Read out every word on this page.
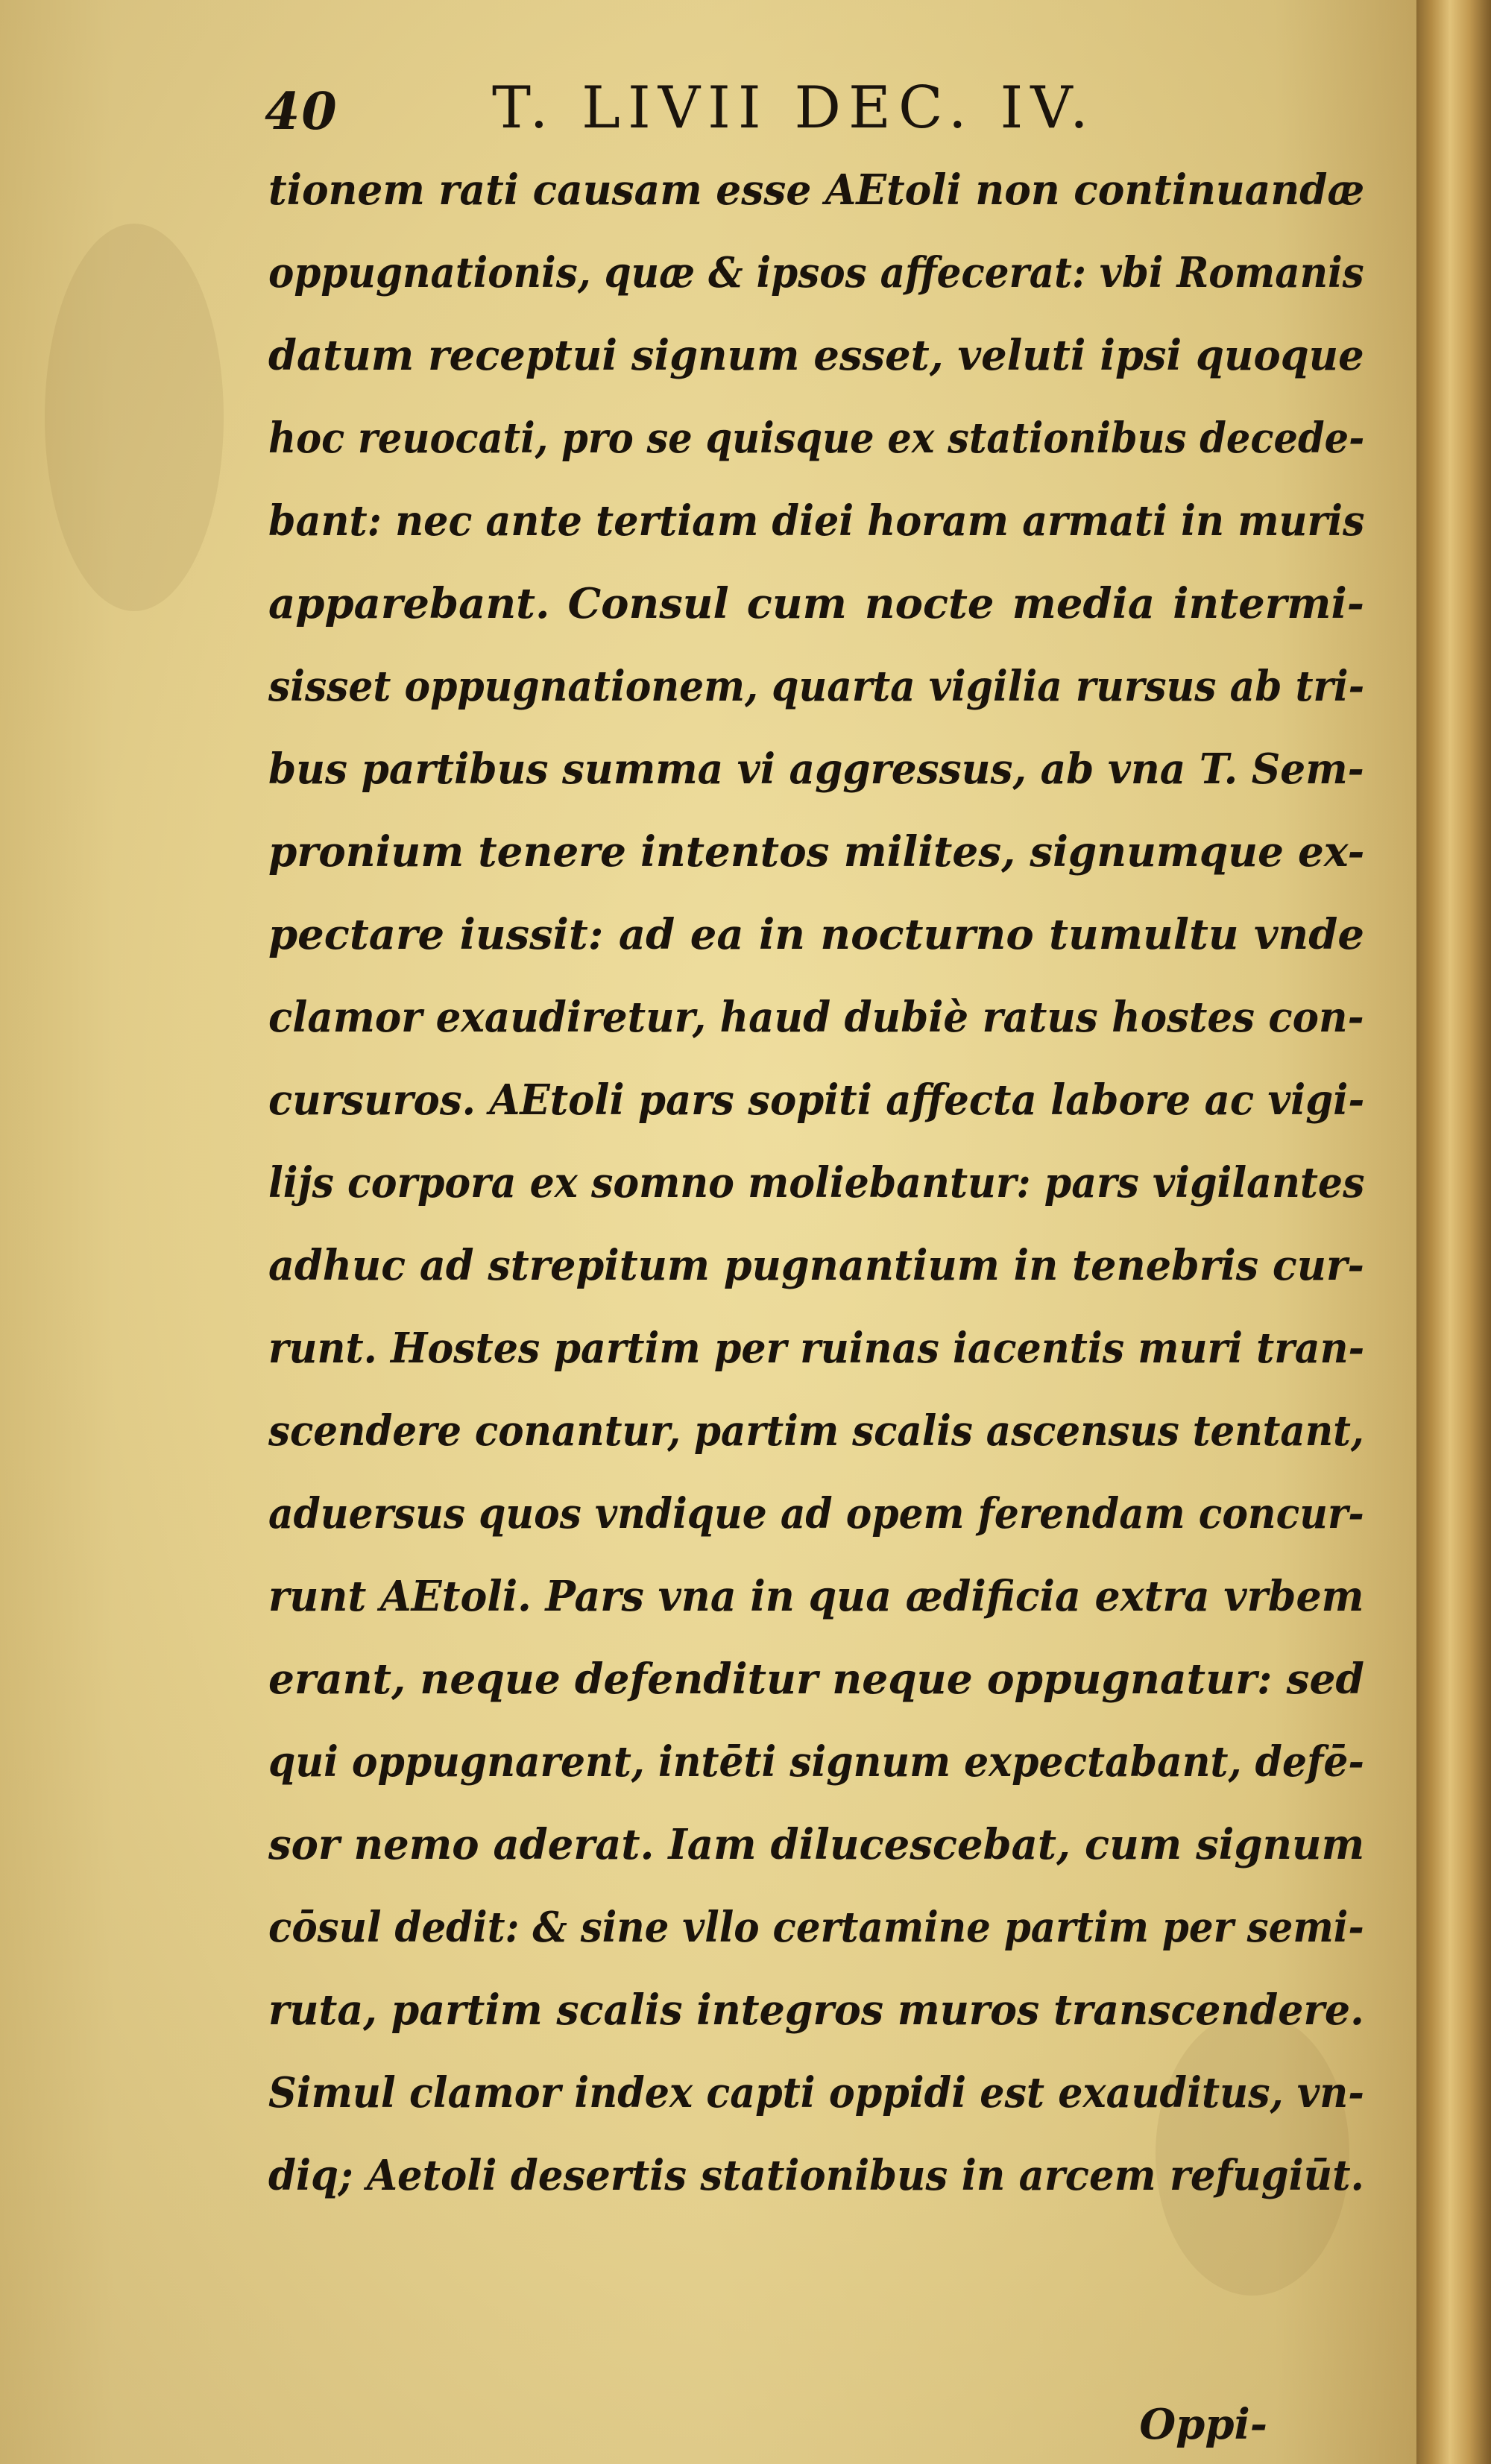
40	T. LIVII DEC. IV.
tionem rati causam esse AEtoli non continuandæ
oppugnationis, quæ & ipsos affecerat: vbi Romanis
datum receptui signum esset, veluti ipsi quoque
hoc reuocati, pro se quisque ex stationibus decede-
bant: nec ante tertiam diei horam armati in muris
apparebant. Consul cum nocte media intermi-
sisset oppugnationem, quarta vigilia rursus ab tri-
bus partibus summa vi aggressus, ab vna T. Sem-
pronium tenere intentos milites, signumque ex-
pectare iussit: ad ea in nocturno tumultu vnde
clamor exaudiretur, haud dubiè ratus hostes con-
cursuros. AEtoli pars sopiti affecta labore ac vigi-
lijs corpora ex somno moliebantur: pars vigilantes
adhuc ad strepitum pugnantium in tenebris cur-
runt. Hostes partim per ruinas iacentis muri tran-
scendere conantur, partim scalis ascensus tentant,
aduersus quos vndique ad opem ferendam concur-
runt AEtoli. Pars vna in qua ædificia extra vrbem
erant, neque defenditur neque oppugnatur: sed
qui oppugnarent, intēti signum expectabant, defē-
sor nemo aderat. Iam dilucescebat, cum signum
cōsul dedit: & sine vllo certamine partim per semi-
ruta, partim scalis integros muros transcendere.
Simul clamor index capti oppidi est exauditus, vn-
diq; Aetoli desertis stationibus in arcem refugiūt.
Oppi-
